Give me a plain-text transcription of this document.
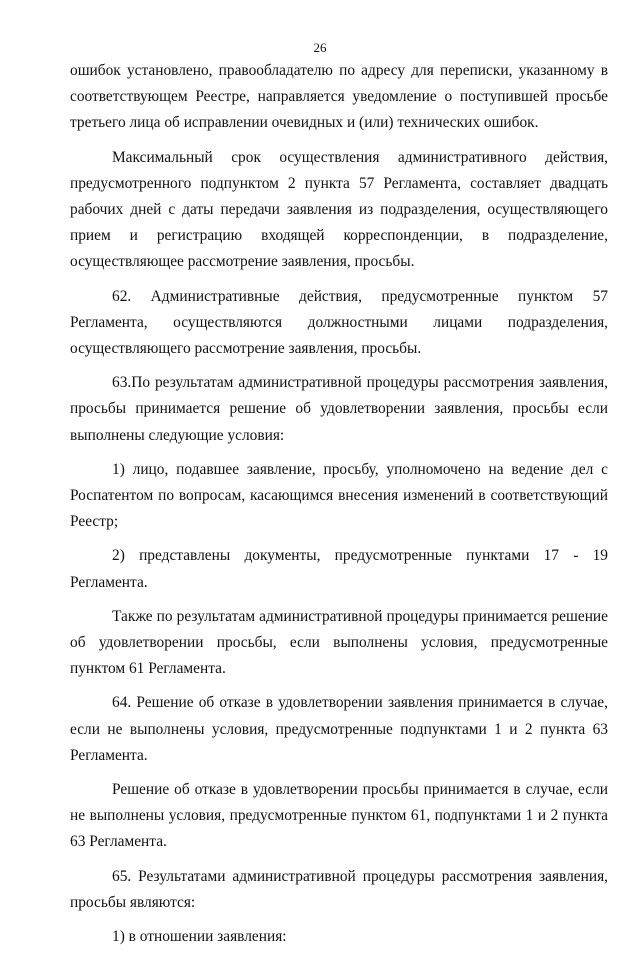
26

ошибок установлено, правообладателю по адресу для переписки, указанному в соответствующем Реестре, направляется уведомление о поступившей просьбе третьего лица об исправлении очевидных и (или) технических ошибок.

Максимальный срок осуществления административного действия, предусмотренного подпунктом 2 пункта 57 Регламента, составляет двадцать рабочих дней с даты передачи заявления из подразделения, осуществляющего прием и регистрацию входящей корреспонденции, в подразделение, осуществляющее рассмотрение заявления, просьбы.

62. Административные действия, предусмотренные пунктом 57 Регламента, осуществляются должностными лицами подразделения, осуществляющего рассмотрение заявления, просьбы.

63.По результатам административной процедуры рассмотрения заявления, просьбы принимается решение об удовлетворении заявления, просьбы если выполнены следующие условия:

1) лицо, подавшее заявление, просьбу, уполномочено на ведение дел с Роспатентом по вопросам, касающимся внесения изменений в соответствующий Реестр;

2) представлены документы, предусмотренные пунктами 17 - 19 Регламента.

Также по результатам административной процедуры принимается решение об удовлетворении просьбы, если выполнены условия, предусмотренные пунктом 61 Регламента.

64. Решение об отказе в удовлетворении заявления принимается в случае, если не выполнены условия, предусмотренные подпунктами 1 и 2 пункта 63 Регламента.

Решение об отказе в удовлетворении просьбы принимается в случае, если не выполнены условия, предусмотренные пунктом 61, подпунктами 1 и 2 пункта 63 Регламента.

65. Результатами административной процедуры рассмотрения заявления, просьбы являются:

1) в отношении заявления:
